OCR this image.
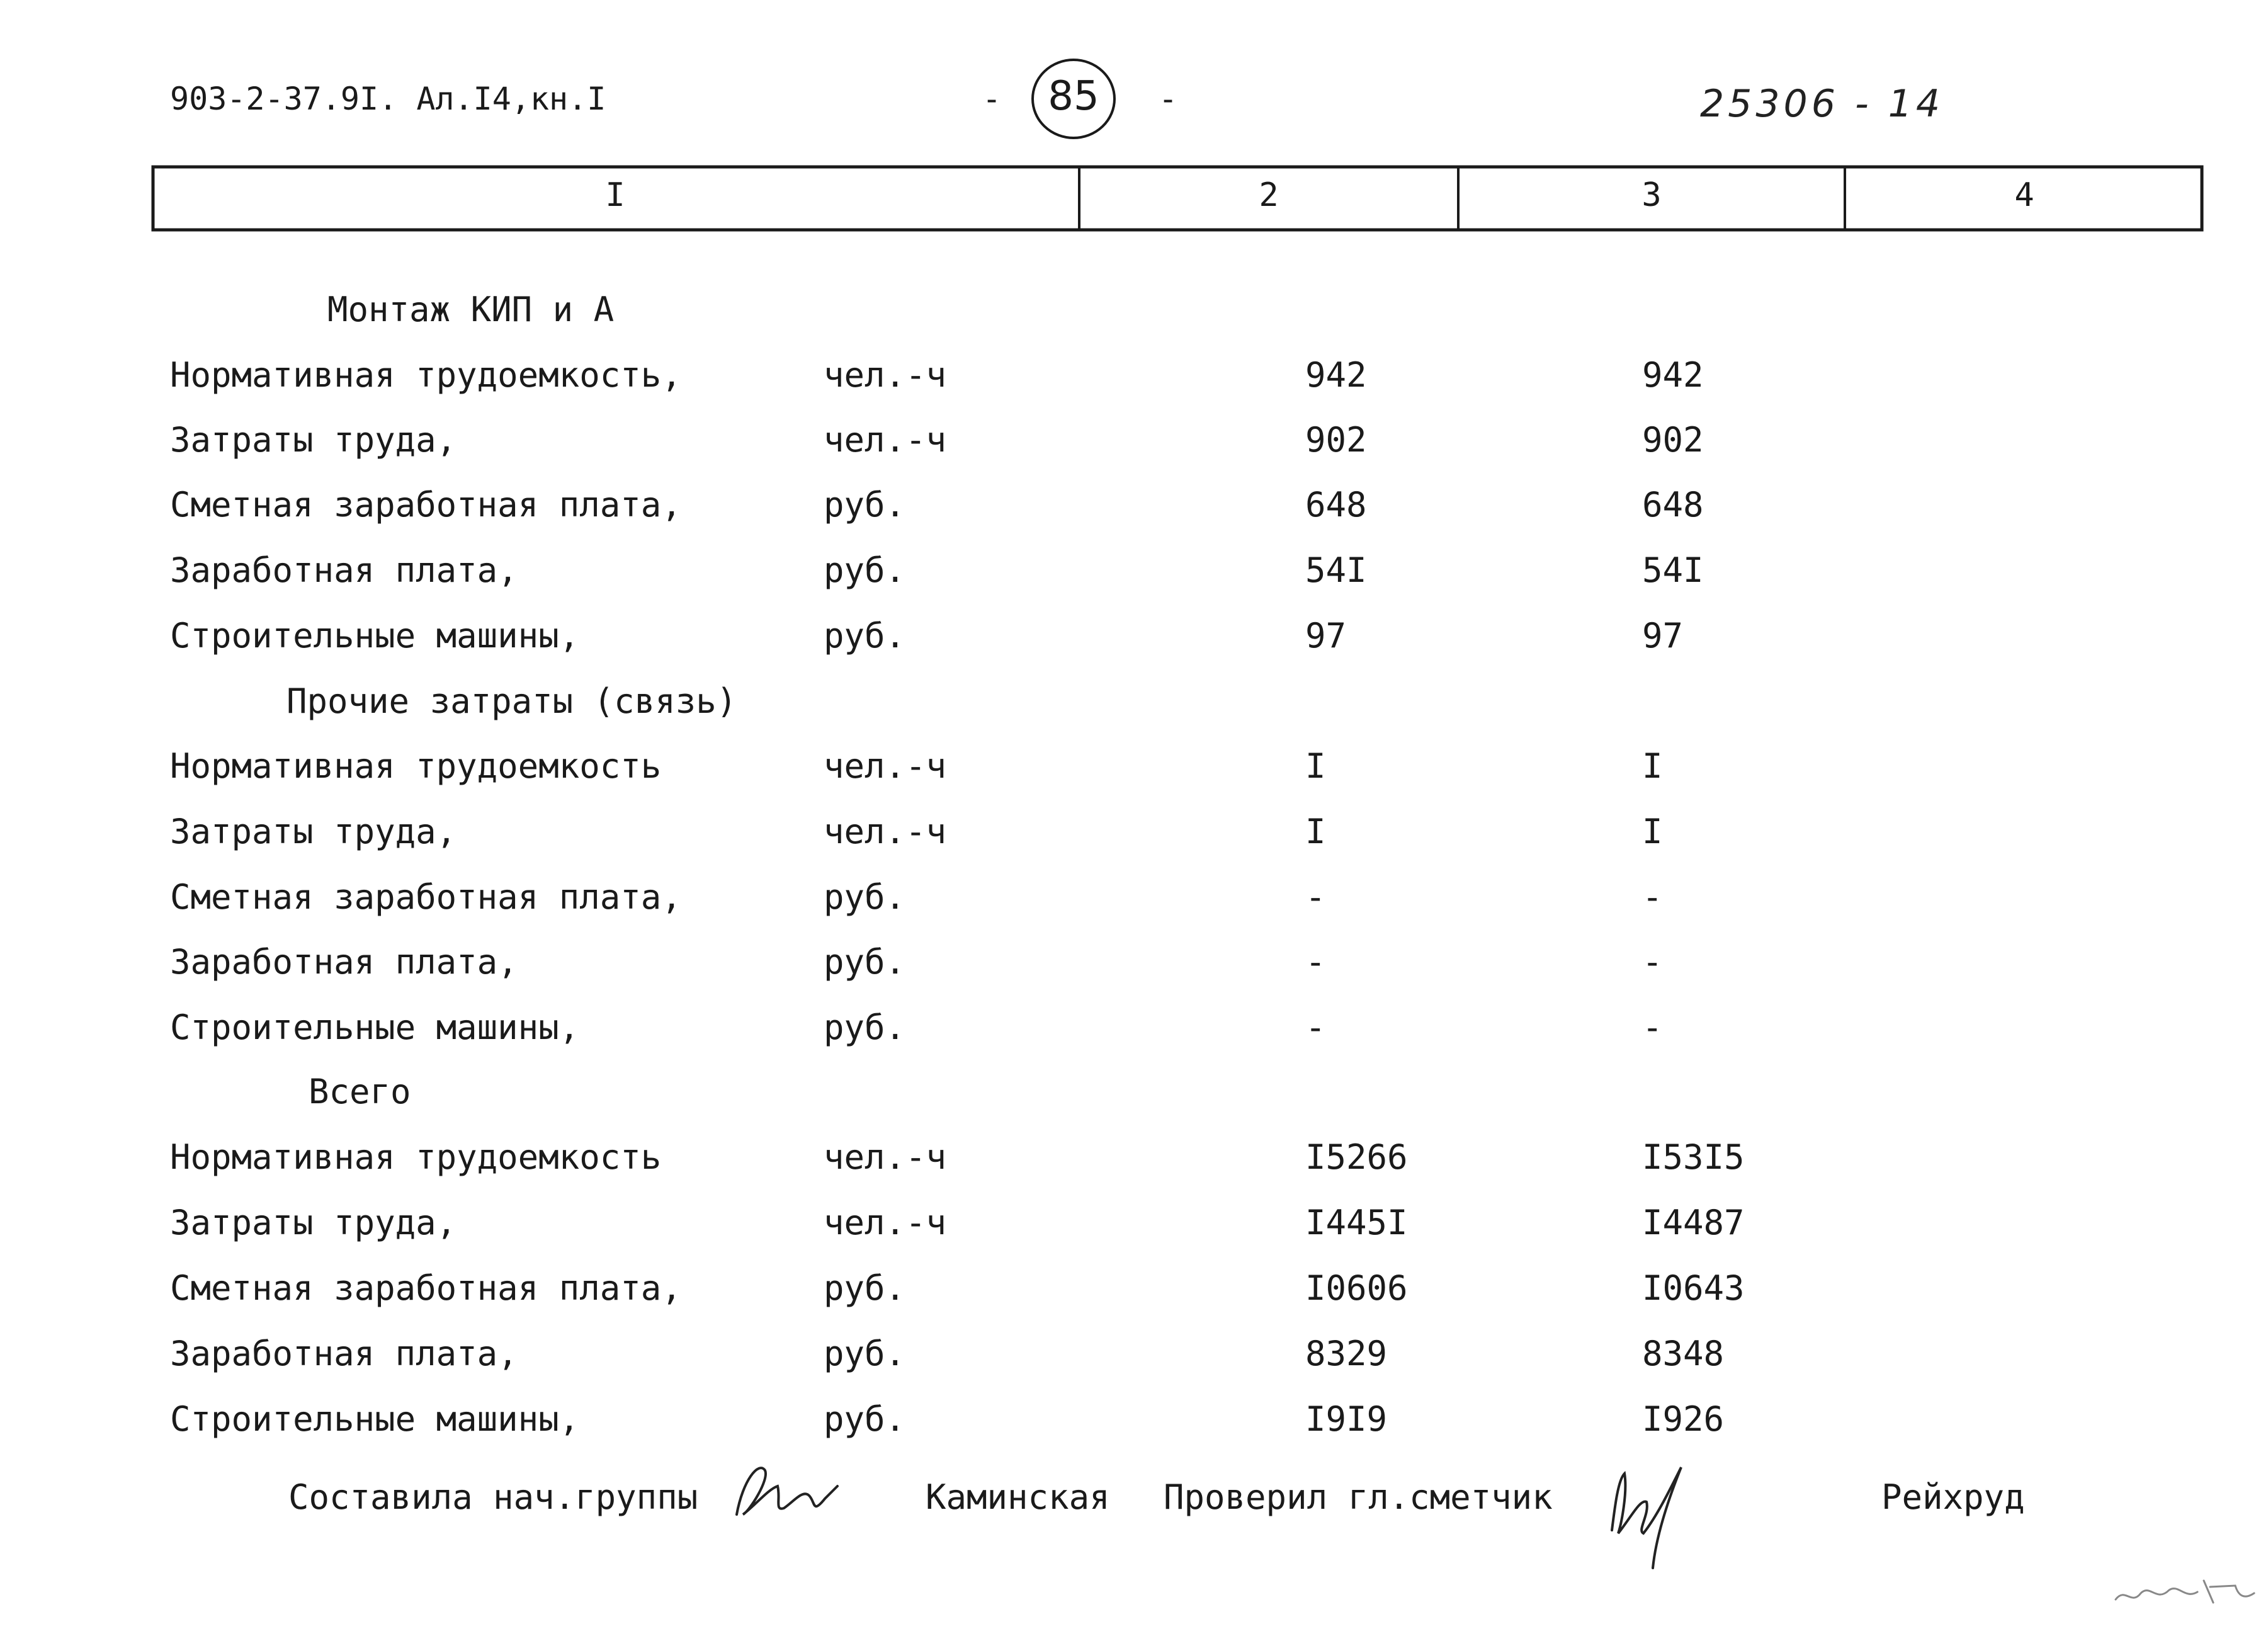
903-2-37.9I. Ал.I4,кн.I	-	85	-	25306 - 14
I	2	3	4
Монтаж КИП и А
Нормативная трудоемкость,	чел.-ч	942	942
Затраты труда,	чел.-ч	902	902
Сметная заработная плата,	руб.	648	648
Заработная плата,	руб.	54I	54I
Строительные машины,	руб.	97	97
Прочие затраты (связь)
Нормативная трудоемкость	чел.-ч	I	I
Затраты труда,	чел.-ч	I	I
Сметная заработная плата,	руб.	-	-
Заработная плата,	руб.	-	-
Строительные машины,	руб.	-	-
Всего
Нормативная трудоемкость	чел.-ч	I5266	I53I5
Затраты труда,	чел.-ч	I445I	I4487
Сметная заработная плата,	руб.	I0606	I0643
Заработная плата,	руб.	8329	8348
Строительные машины,	руб.	I9I9	I926
Составила нач.группы	Каминская Проверил гл.сметчик	Рейхруд
